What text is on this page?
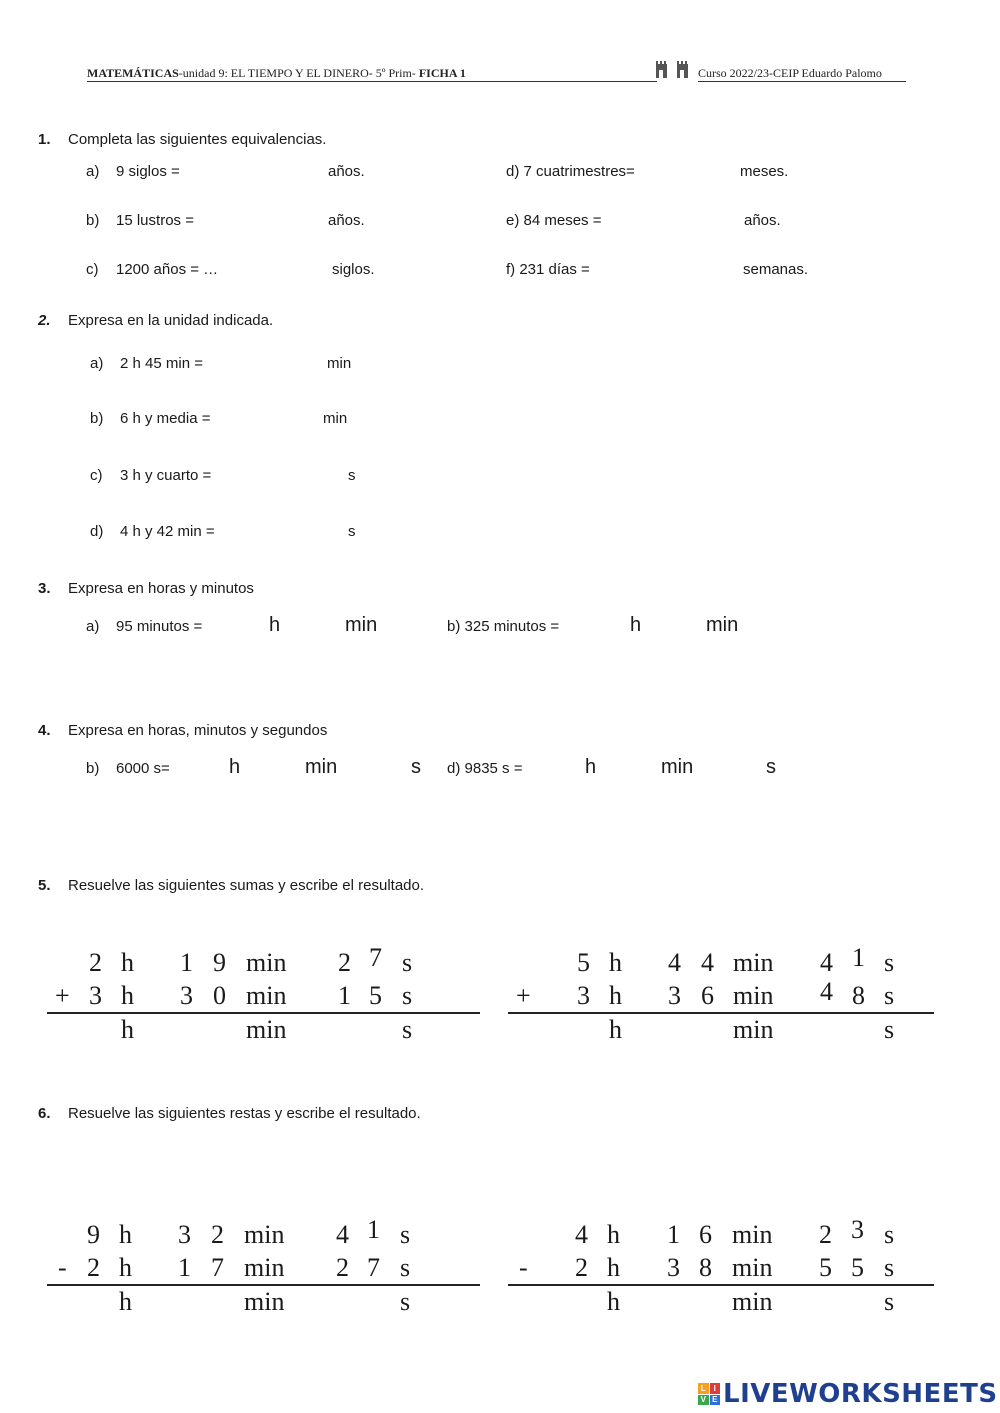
MATEMÁTICAS-unidad 9: EL TIEMPO Y EL DINERO- 5º Prim- FICHA 1	Curso 2022/23-CEIP Eduardo Palomo
1. Completa las siguientes equivalencias.
a) 9 siglos =	años.	d) 7 cuatrimestres=	meses.
b) 15 lustros =	años.	e) 84 meses =	años.
c) 1200 años = …	siglos.	f) 231 días =	semanas.
2. Expresa en la unidad indicada.
a) 2 h 45 min =	min
b) 6 h y media =	min
c) 3 h y cuarto =	s
d) 4 h y 42 min =	s
3. Expresa en horas y minutos
a) 95 minutos =	h	min	b) 325 minutos =	h	min
4. Expresa en horas, minutos y segundos
b) 6000 s=	h	min	s d) 9835 s =	h	min	s
5. Resuelve las siguientes sumas y escribe el resultado.
2 h 1 9 min 2 7 s
+ 3 h 3 0 min 1 5 s
h	min	s
5 h 4 4 min 4 1 s
+ 3 h 3 6 min 4 8 s
h	min	s
6. Resuelve las siguientes restas y escribe el resultado.
9 h 3 2 min 4 1 s
- 2 h 1 7 min 2 7 s
h	min	s
4 h 1 6 min 2 3 s
- 2 h 3 8 min 5 5 s
h	min	s
L I
V E LIVEWORKSHEETS
